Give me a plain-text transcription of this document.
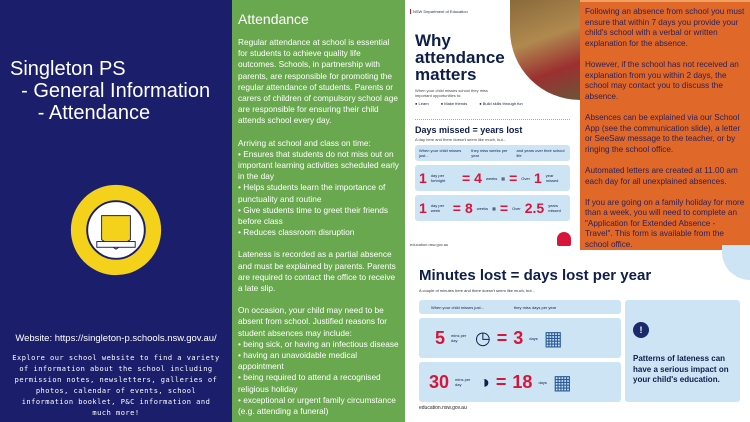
Singleton PS
- General Information
- Attendance
Website: https://singleton-p.schools.nsw.gov.au/
Explore our school website to find a variety of information about the school including permission notes, newsletters, galleries of photos, calendar of events, school information booklet, P&C information and much more!
Attendance

Regular attendance at school is essential for students to achieve quality life outcomes. Schools, in partnership with parents, are responsible for promoting the regular attendance of students. Parents or carers of children of compulsory school age are responsible for ensuring their child attends school every day.

Arriving at school and class on time:
• Ensures that students do not miss out on important learning activities scheduled early in the day
• Helps students learn the importance of punctuality and routine
• Give students time to greet their friends before class
• Reduces classroom disruption

Lateness is recorded as a partial absence and must be explained by parents. Parents are required to contact the office to receive a late slip.

On occasion, your child may need to be absent from school. Justified reasons for student absences may include:
• being sick, or having an infectious disease
• having an unavoidable medical appointment
• being required to attend a recognised religious holiday
• exceptional or urgent family circumstance (e.g. attending a funeral)

NSW Department of Education
Why attendance matters
When your child misses school they miss important opportunities to:
● Learn	● Make friends	● Build skills through fun
Days missed = years lost
A day here and there doesn't seem like much, but...
When your child misses just...
they miss weeks per year
and years over their school life
1 day per fortnight	= 4 weeks ▦ = Over 1 year missed
1 day per week = 8 weeks ▦ = Over 2.5 years missed
education.nsw.gov.au

Following an absence from school you must ensure that within 7 days you provide your child's school with a verbal or written explanation for the absence.

However, if the school has not received an explanation from you within 2 days, the school may contact you to discuss the absence.

Absences can be explained via our School App (see the communication slide), a letter or SeeSaw message to the teacher, or by ringing the school office.

Automated letters are created at 11.00 am each day for all unexplained absences.

If you are going on a family holiday for more than a week, you will need to complete an "Application for Extended Absence - Travel". This form is available from the school office.

Minutes lost = days lost per year
A couple of minutes here and there doesn't seem like much, but...
When your child misses just...	they miss days per year
5 mins per day ◷ = 3 days ▦
30 mins per day ◑ = 18 days ▦
!
Patterns of lateness can have a serious impact on your child's education.
education.nsw.gov.au
